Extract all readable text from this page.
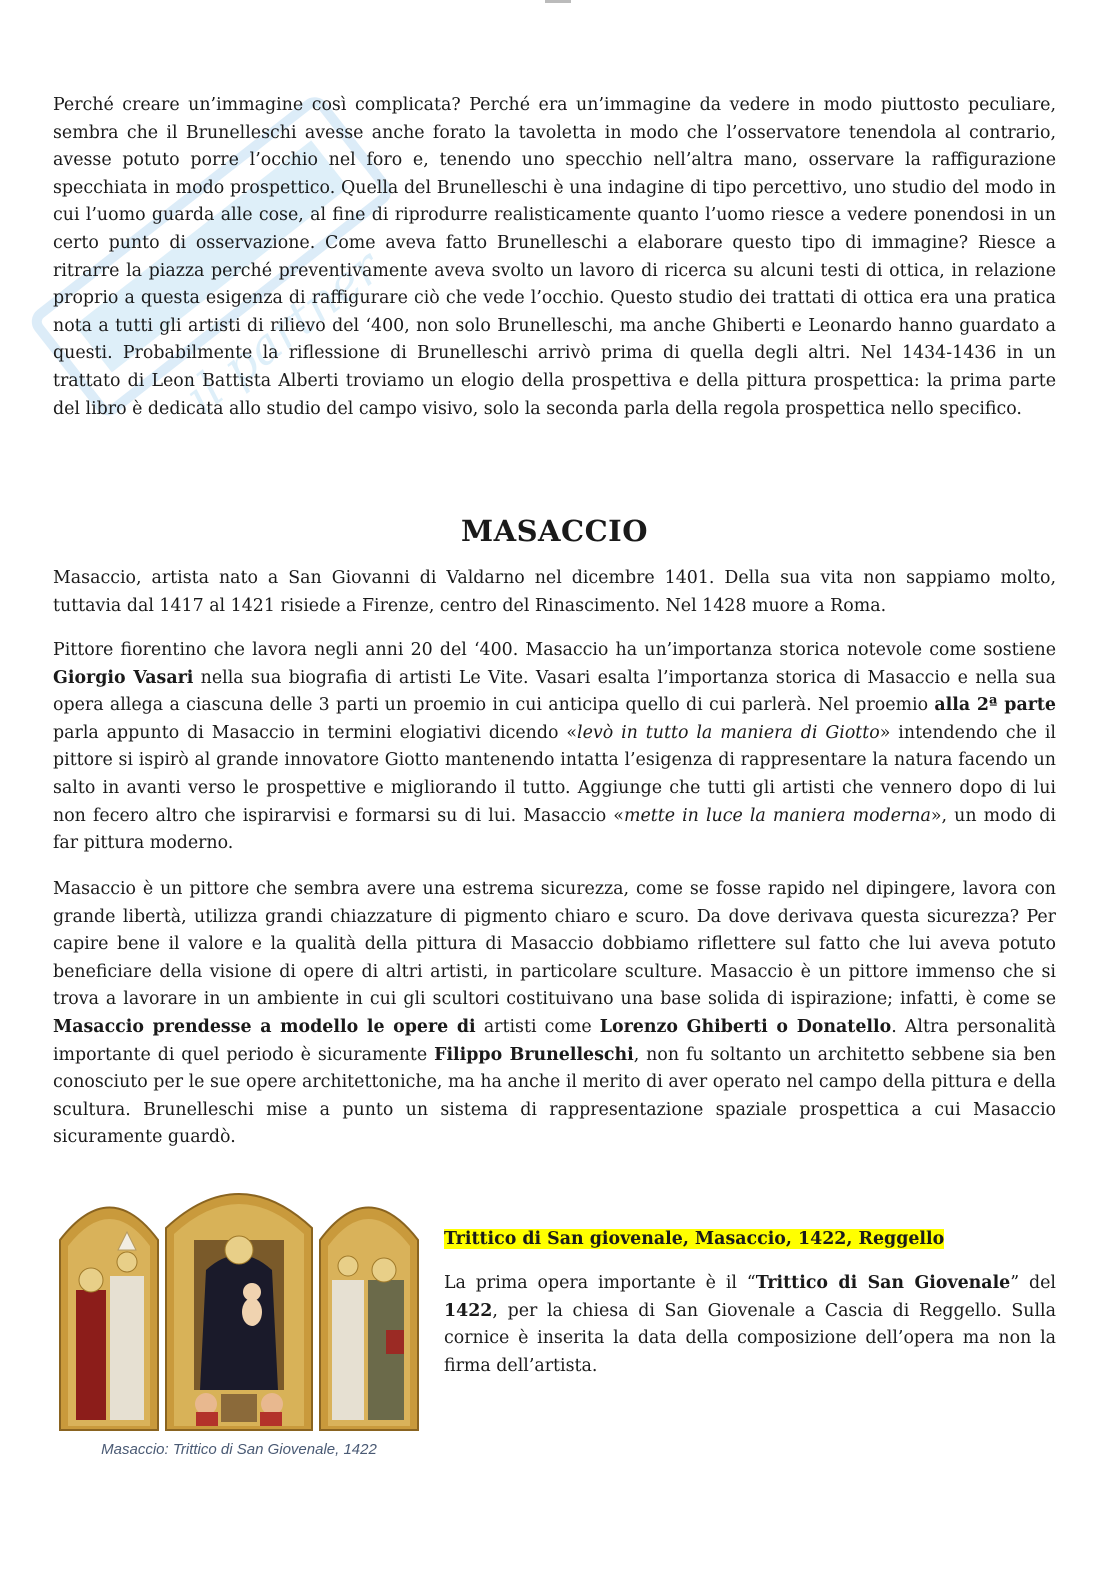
il partner

Perché creare un’immagine così complicata? Perché era un’immagine da vedere in modo piuttosto peculiare, sembra che il Brunelleschi avesse anche forato la tavoletta in modo che l’osservatore tenendola al contrario, avesse potuto porre l’occhio nel foro e, tenendo uno specchio nell’altra mano, osservare la raffigurazione specchiata in modo prospettico. Quella del Brunelleschi è una indagine di tipo percettivo, uno studio del modo in cui l’uomo guarda alle cose, al fine di riprodurre realisticamente quanto l’uomo riesce a vedere ponendosi in un certo punto di osservazione. Come aveva fatto Brunelleschi a elaborare questo tipo di immagine? Riesce a ritrarre la piazza perché preventivamente aveva svolto un lavoro di ricerca su alcuni testi di ottica, in relazione proprio a questa esigenza di raffigurare ciò che vede l’occhio. Questo studio dei trattati di ottica era una pratica nota a tutti gli artisti di rilievo del ‘400, non solo Brunelleschi, ma anche Ghiberti e Leonardo hanno guardato a questi. Probabilmente la riflessione di Brunelleschi arrivò prima di quella degli altri. Nel 1434-1436 in un trattato di Leon Battista Alberti troviamo un elogio della prospettiva e della pittura prospettica: la prima parte del libro è dedicata allo studio del campo visivo, solo la seconda parla della regola prospettica nello specifico.

MASACCIO

Masaccio, artista nato a San Giovanni di Valdarno nel dicembre 1401. Della sua vita non sappiamo molto, tuttavia dal 1417 al 1421 risiede a Firenze, centro del Rinascimento. Nel 1428 muore a Roma.

Pittore fiorentino che lavora negli anni 20 del ‘400. Masaccio ha un’importanza storica notevole come sostiene Giorgio Vasari nella sua biografia di artisti Le Vite. Vasari esalta l’importanza storica di Masaccio e nella sua opera allega a ciascuna delle 3 parti un proemio in cui anticipa quello di cui parlerà. Nel proemio alla 2ª parte parla appunto di Masaccio in termini elogiativi dicendo «levò in tutto la maniera di Giotto» intendendo che il pittore si ispirò al grande innovatore Giotto mantenendo intatta l’esigenza di rappresentare la natura facendo un salto in avanti verso le prospettive e migliorando il tutto. Aggiunge che tutti gli artisti che vennero dopo di lui non fecero altro che ispirarvisi e formarsi su di lui. Masaccio «mette in luce la maniera moderna», un modo di far pittura moderno.

Masaccio è un pittore che sembra avere una estrema sicurezza, come se fosse rapido nel dipingere, lavora con grande libertà, utilizza grandi chiazzature di pigmento chiaro e scuro. Da dove derivava questa sicurezza? Per capire bene il valore e la qualità della pittura di Masaccio dobbiamo riflettere sul fatto che lui aveva potuto beneficiare della visione di opere di altri artisti, in particolare sculture. Masaccio è un pittore immenso che si trova a lavorare in un ambiente in cui gli scultori costituivano una base solida di ispirazione; infatti, è come se Masaccio prendesse a modello le opere di artisti come Lorenzo Ghiberti o Donatello. Altra personalità importante di quel periodo è sicuramente Filippo Brunelleschi, non fu soltanto un architetto sebbene sia ben conosciuto per le sue opere architettoniche, ma ha anche il merito di aver operato nel campo della pittura e della scultura. Brunelleschi mise a punto un sistema di rappresentazione spaziale prospettica a cui Masaccio sicuramente guardò.

Masaccio: Trittico di San Giovenale, 1422

Trittico di San giovenale, Masaccio, 1422, Reggello

La prima opera importante è il “Trittico di San Giovenale” del 1422, per la chiesa di San Giovenale a Cascia di Reggello. Sulla cornice è inserita la data della composizione dell’opera ma non la firma dell’artista.
